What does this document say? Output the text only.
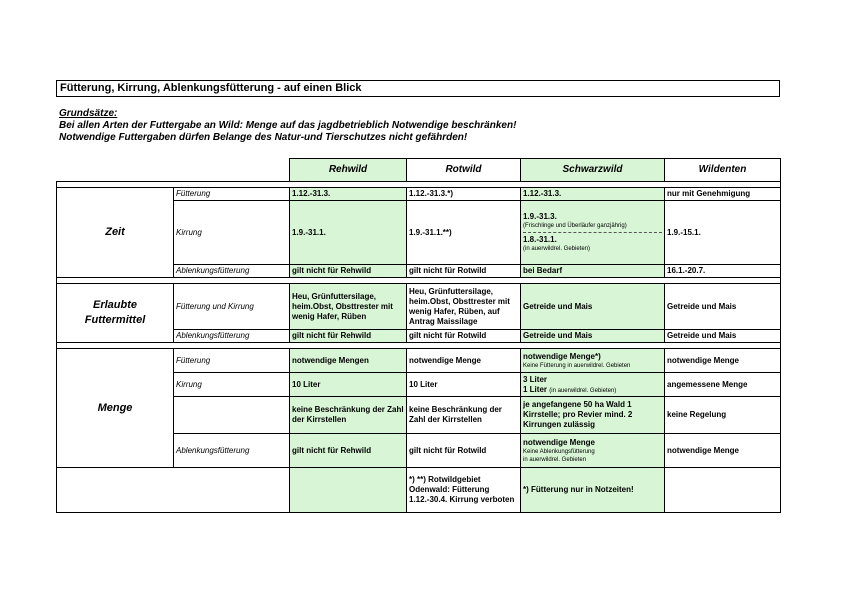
Fütterung, Kirrung, Ablenkungsfütterung - auf einen Blick
Grundsätze:
Bei allen Arten der Futtergabe an Wild: Menge auf das jagdbetrieblich Notwendige beschränken!
Notwendige Futtergaben dürfen Belange des Natur-und Tierschutzes nicht gefährden!
		Rehwild	Rotwild	Schwarzwild	Wildenten

Zeit	Fütterung	1.12.-31.3.	1.12.-31.3.*)	1.12.-31.3.	nur mit Genehmigung
	Kirrung	1.9.-31.1.	1.9.-31.1.**)	1.9.-31.3.
(Frischlinge und Überläufer ganzjährig)
1.8.-31.1.
(in auerwildrel. Gebieten)	1.9.-15.1.
	Ablenkungsfütterung	gilt nicht für Rehwild	gilt nicht für Rotwild	bei Bedarf	16.1.-20.7.

Erlaubte
Futtermittel	Fütterung und Kirrung	Heu, Grünfuttersilage, heim.Obst, Obsttrester mit wenig Hafer, Rüben	Heu, Grünfuttersilage, heim.Obst, Obsttrester mit wenig Hafer, Rüben, auf Antrag Maissilage	Getreide und Mais	Getreide und Mais
	Ablenkungsfütterung	gilt nicht für Rehwild	gilt nicht für Rotwild	Getreide und Mais	Getreide und Mais

Menge	Fütterung	notwendige Mengen	notwendige Menge	notwendige Menge*)
Keine Fütterung in auerwildrel. Gebieten	notwendige Menge
	Kirrung	10 Liter	10 Liter	3 Liter
1 Liter (in auerwildrel. Gebieten)	angemessene Menge
		keine Beschränkung der Zahl der Kirrstellen	keine Beschränkung der Zahl der Kirrstellen	je angefangene 50 ha Wald 1 Kirrstelle; pro Revier mind. 2 Kirrungen zulässig	keine Regelung
	Ablenkungsfütterung	gilt nicht für Rehwild	gilt nicht für Rotwild	notwendige Menge
Keine Ablenkungsfütterung
in auerwildrel. Gebieten	notwendige Menge
			*) **) Rotwildgebiet Odenwald: Fütterung 1.12.-30.4. Kirrung verboten	*) Fütterung nur in Notzeiten!	
